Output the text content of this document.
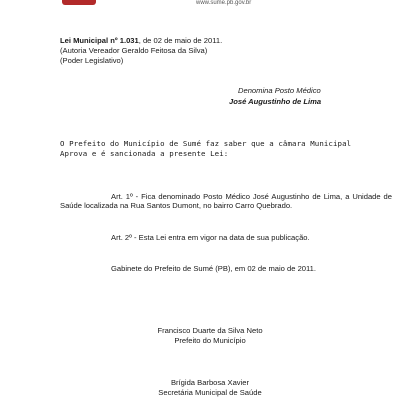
www.sume.pb.gov.br
Lei Municipal nº 1.031, de 02 de maio de 2011.
(Autoria Vereador Geraldo Feitosa da Silva)
(Poder Legislativo)
Denomina Posto Médico
José Augustinho de Lima
O Prefeito do Município de Sumé faz saber que a câmara Municipal
Aprova e é sancionada a presente Lei:
Art. 1º - Fica denominado Posto Médico José Augustinho de Lima, a Unidade de Saúde localizada na Rua Santos Dumont, no bairro Carro Quebrado.
Art. 2º - Esta Lei entra em vigor na data de sua publicação.
Gabinete do Prefeito de Sumé (PB), em 02 de maio de 2011.
Francisco Duarte da Silva Neto
Prefeito do Município
Brígida Barbosa Xavier
Secretária Municipal de Saúde
